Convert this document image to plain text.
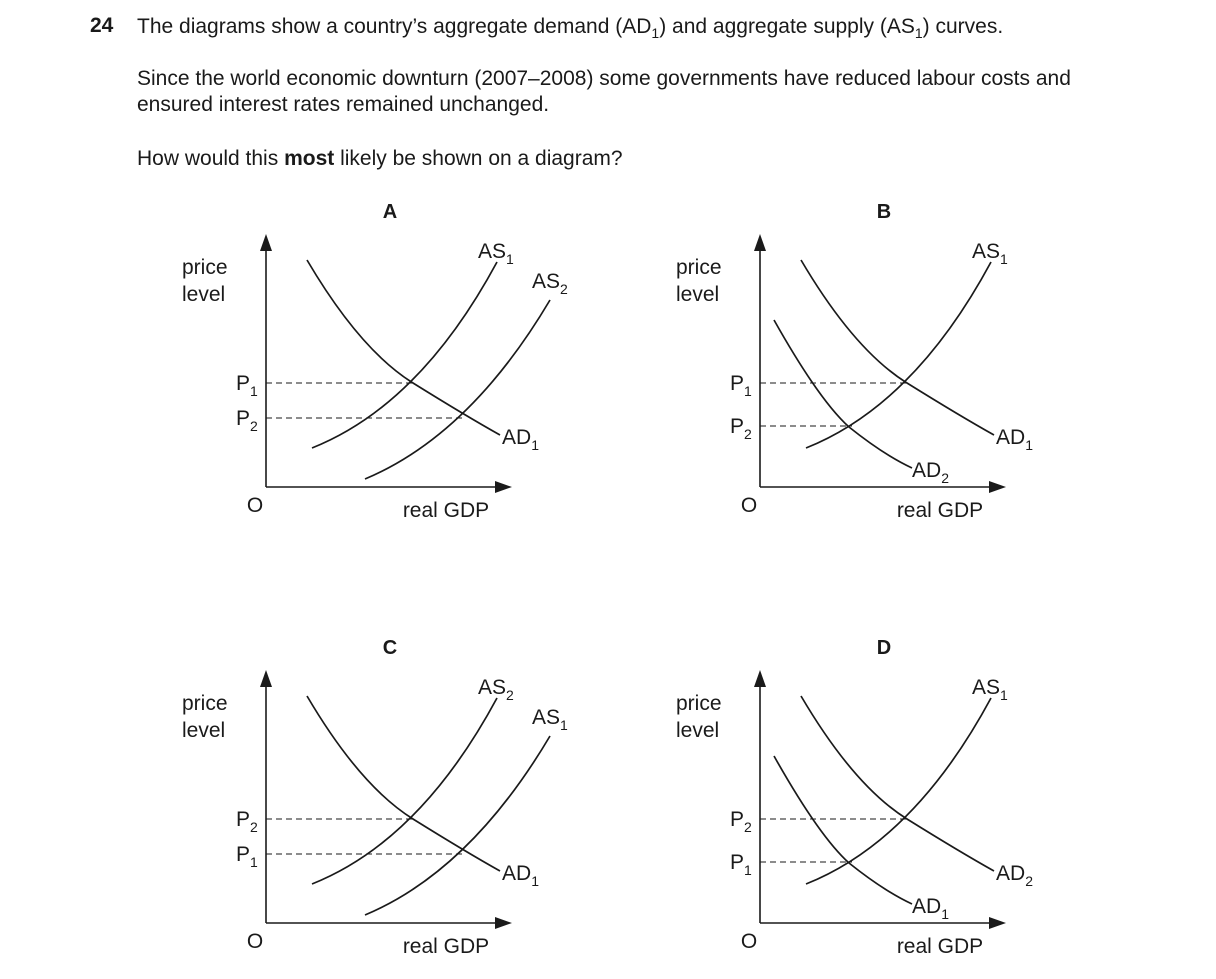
24 The diagrams show a country’s aggregate demand $(AD_1)$ and aggregate supply $(AS_1)$ curves.
Since the world economic downturn (2007–2008) some governments have reduced labour costs and ensured interest rates remained unchanged.
How would this most likely be shown on a diagram?
A
price
level
O	real GDP
$P_1$
$P_2$	$AD_1$
$AS_1$
$AS_2$
B
price
level
O	real GDP
$P_1$
$P_2$	$AD_1$
$AD_2$
$AS_1$
C
price
level
O	real GDP
$P_2$
$P_1$	$AD_1$
$AS_2$
$AS_1$
D
price
level
O	real GDP
$P_2$
$P_1$	$AD_2$
$AD_1$
$AS_1$
